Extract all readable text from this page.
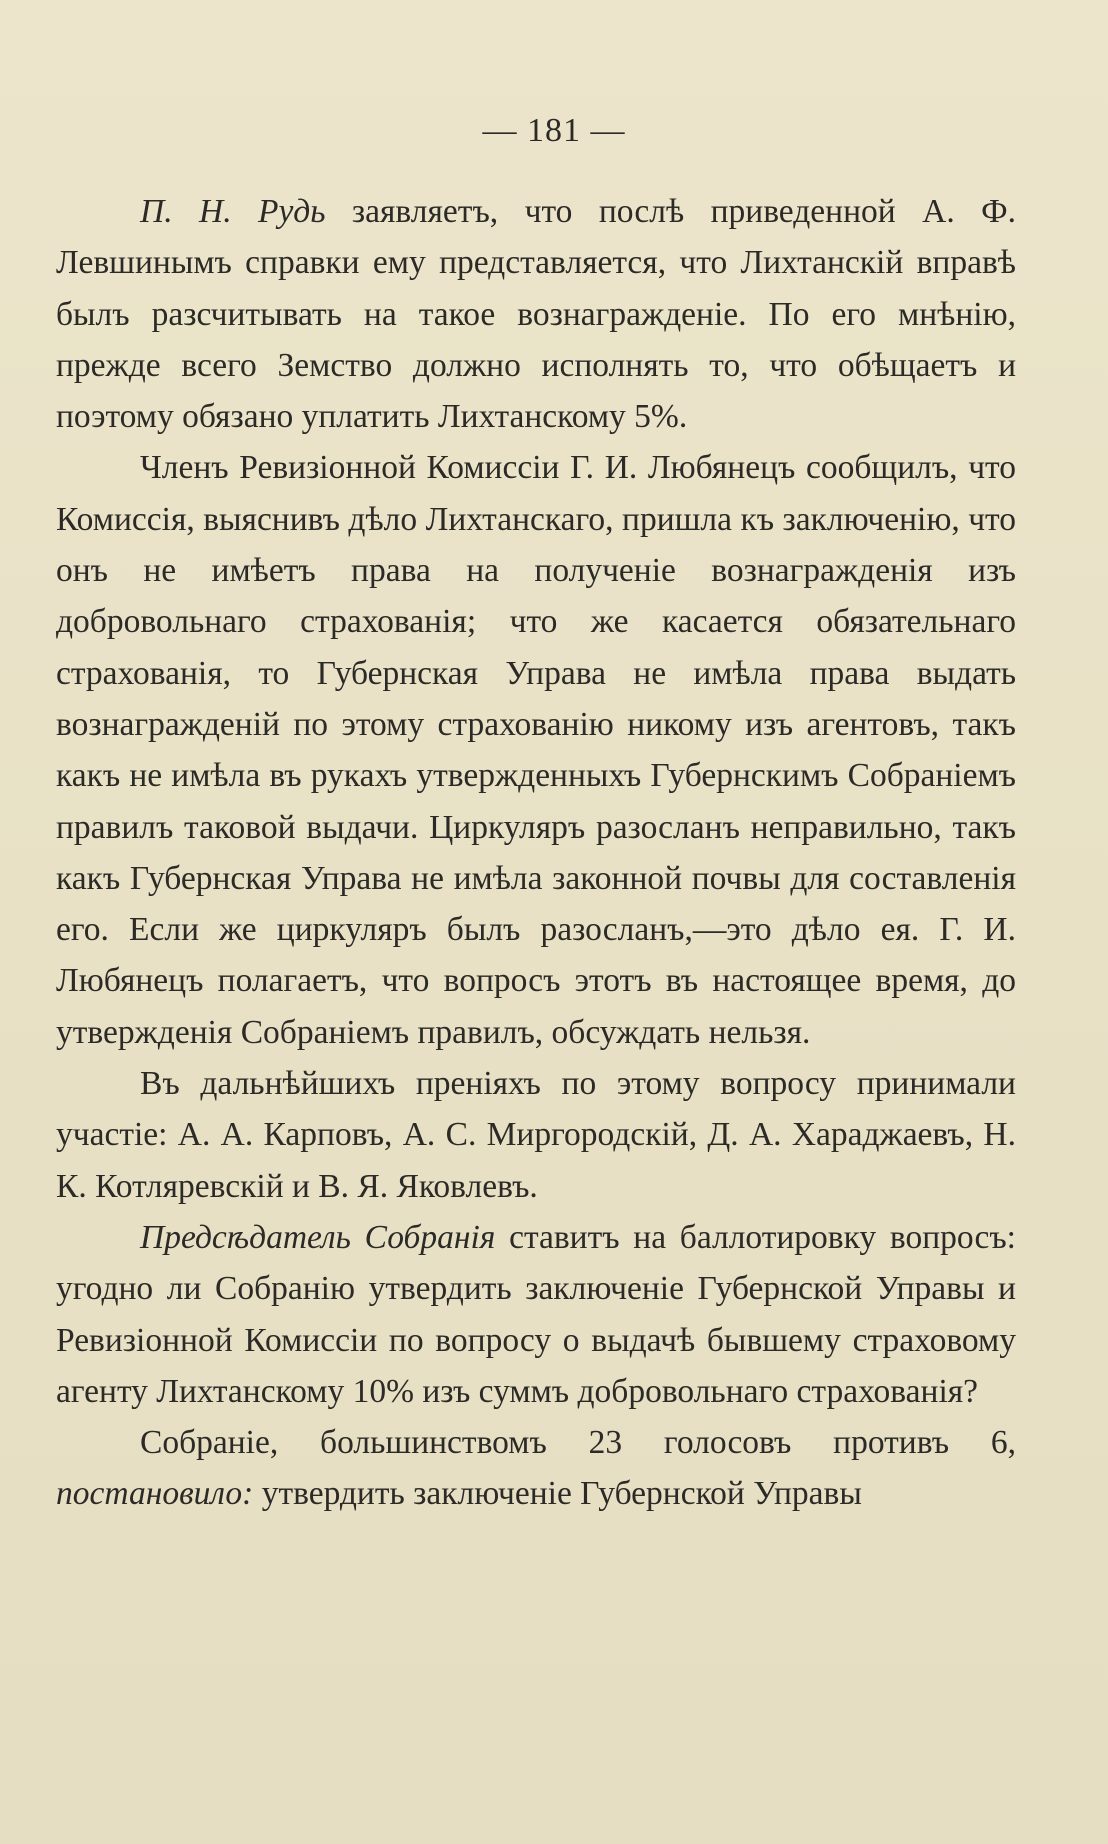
— 181 —

П. Н. Рудь заявляетъ, что послѣ приведенной А. Ф. Левшинымъ справки ему представляется, что Лихтанскій вправѣ былъ разсчитывать на такое вознагражденіе. По его мнѣнію, прежде всего Земство должно исполнять то, что обѣщаетъ и поэтому обязано уплатить Лихтанскому 5%.

Членъ Ревизіонной Комиссіи Г. И. Любянецъ сообщилъ, что Комиссія, выяснивъ дѣло Лихтанскаго, пришла къ заключенію, что онъ не имѣетъ права на полученіе вознагражденія изъ добровольнаго страхованія; что же касается обязательнаго страхованія, то Губернская Управа не имѣла права выдать вознагражденій по этому страхованію никому изъ агентовъ, такъ какъ не имѣла въ рукахъ утвержденныхъ Губернскимъ Собраніемъ правилъ таковой выдачи. Циркуляръ разосланъ неправильно, такъ какъ Губернская Управа не имѣла законной почвы для составленія его. Если же циркуляръ былъ разосланъ,—это дѣло ея. Г. И. Любянецъ полагаетъ, что вопросъ этотъ въ настоящее время, до утвержденія Собраніемъ правилъ, обсуждать нельзя.

Въ дальнѣйшихъ преніяхъ по этому вопросу принимали участіе: А. А. Карповъ, А. С. Миргородскій, Д. А. Хараджаевъ, Н. К. Котляревскій и В. Я. Яковлевъ.

Предсѣдатель Собранія ставитъ на баллотировку вопросъ: угодно ли Собранію утвердить заключеніе Губернской Управы и Ревизіонной Комиссіи по вопросу о выдачѣ бывшему страховому агенту Лихтанскому 10% изъ суммъ добровольнаго страхованія?

Собраніе, большинствомъ 23 голосовъ противъ 6, постановило: утвердить заключеніе Губернской Управы
